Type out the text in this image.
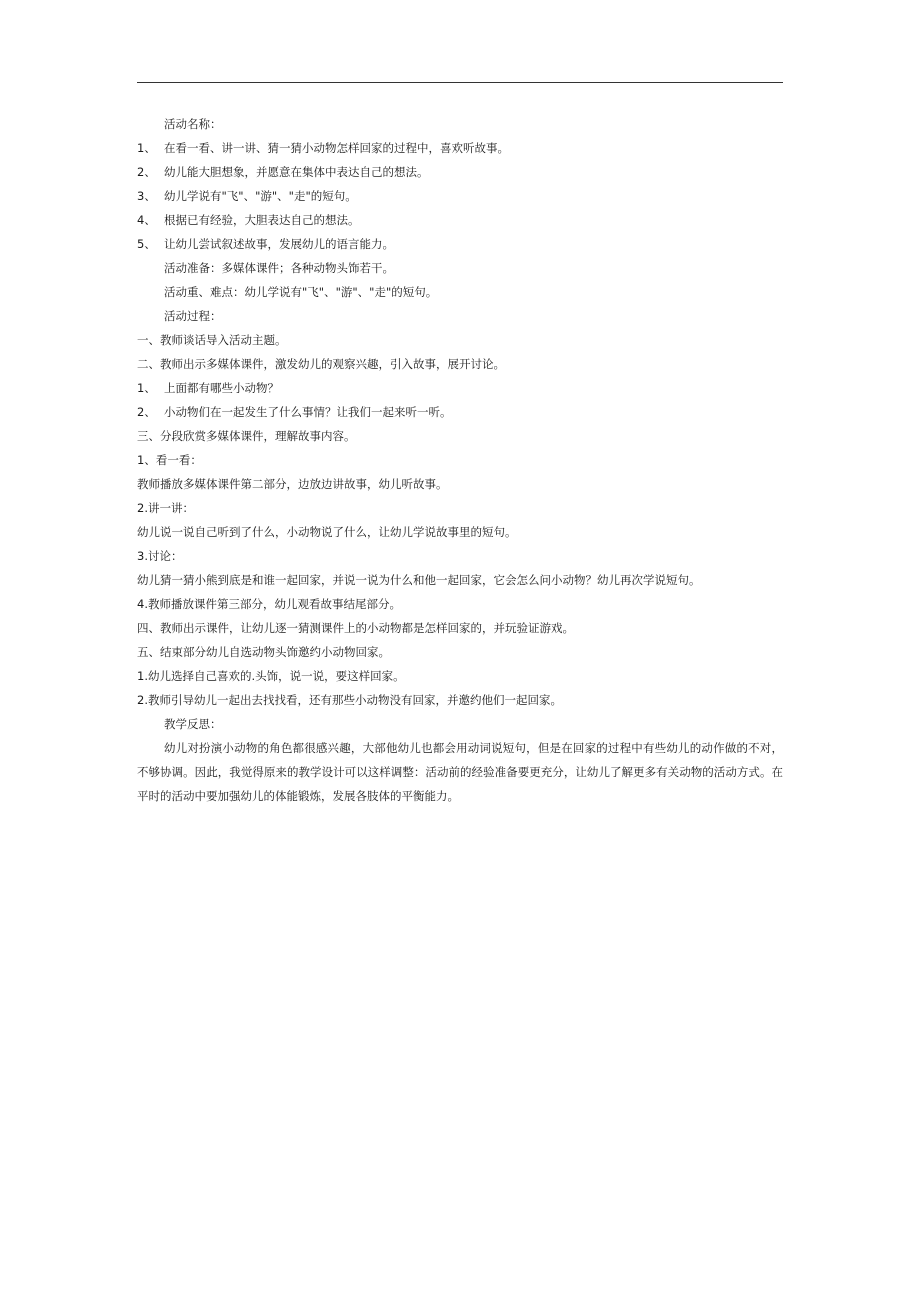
活动名称：
1、 在看一看、讲一讲、猜一猜小动物怎样回家的过程中，喜欢听故事。
2、 幼儿能大胆想象，并愿意在集体中表达自己的想法。
3、 幼儿学说有"飞"、"游"、"走"的短句。
4、 根据已有经验，大胆表达自己的想法。
5、 让幼儿尝试叙述故事，发展幼儿的语言能力。
活动准备：多媒体课件；各种动物头饰若干。
活动重、难点：幼儿学说有"飞"、"游"、"走"的短句。
活动过程：
一、教师谈话导入活动主题。
二、教师出示多媒体课件，激发幼儿的观察兴趣，引入故事，展开讨论。
1、 上面都有哪些小动物？
2、 小动物们在一起发生了什么事情？让我们一起来听一听。
三、分段欣赏多媒体课件，理解故事内容。
1、看一看：
教师播放多媒体课件第二部分，边放边讲故事，幼儿听故事。
2.讲一讲：
幼儿说一说自己听到了什么，小动物说了什么，让幼儿学说故事里的短句。
3.讨论：
幼儿猜一猜小熊到底是和谁一起回家，并说一说为什么和他一起回家，它会怎么问小动物？幼儿再次学说短句。
4.教师播放课件第三部分，幼儿观看故事结尾部分。
四、教师出示课件，让幼儿逐一猜测课件上的小动物都是怎样回家的，并玩验证游戏。
五、结束部分幼儿自选动物头饰邀约小动物回家。
1.幼儿选择自己喜欢的.头饰，说一说，要这样回家。
2.教师引导幼儿一起出去找找看，还有那些小动物没有回家，并邀约他们一起回家。
教学反思：
幼儿对扮演小动物的角色都很感兴趣，大部他幼儿也都会用动词说短句，但是在回家的过程中有些幼儿的动作做的不对，不够协调。因此，我觉得原来的教学设计可以这样调整：活动前的经验准备要更充分，让幼儿了解更多有关动物的活动方式。在平时的活动中要加强幼儿的体能锻炼，发展各肢体的平衡能力。
